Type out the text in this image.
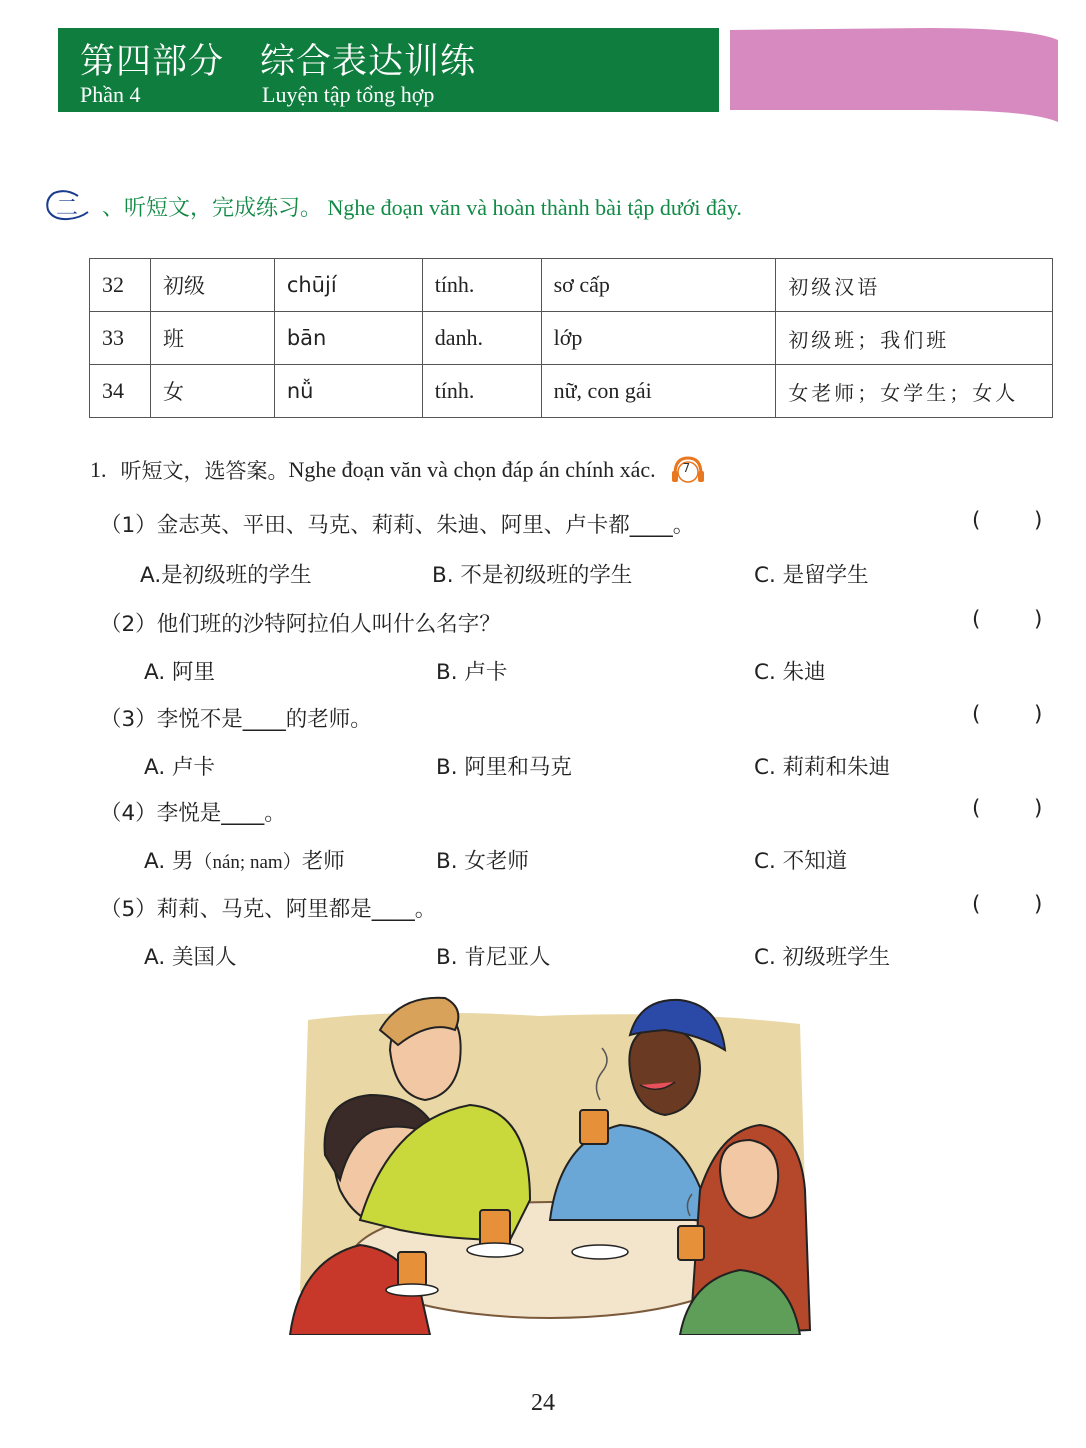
第四部分 综合表达训练
Phần 4	Luyện tập tổng hợp
二 、听短文，完成练习。 Nghe đoạn văn và hoàn thành bài tập dưới đây.
32	初级	chūjí	tính.	sơ cấp	初级汉语
33	班	bān	danh.	lớp	初级班；我们班
34	女	nǚ	tính.	nữ, con gái	女老师；女学生；女人
1. 听短文，选答案。 Nghe đoạn văn và chọn đáp án chính xác. 7
（1）金志英、平田、马克、莉莉、朱迪、阿里、卢卡都____。	( )
A.是初级班的学生	B. 不是初级班的学生	C. 是留学生
（2）他们班的沙特阿拉伯人叫什么名字？	( )
A. 阿里	B. 卢卡	C. 朱迪
（3）李悦不是____的老师。	( )
A. 卢卡	B. 阿里和马克	C. 莉莉和朱迪
（4）李悦是____。	( )
A. 男（nán; nam）老师	B. 女老师	C. 不知道
（5）莉莉、马克、阿里都是____。	( )
A. 美国人	B. 肯尼亚人	C. 初级班学生
24
